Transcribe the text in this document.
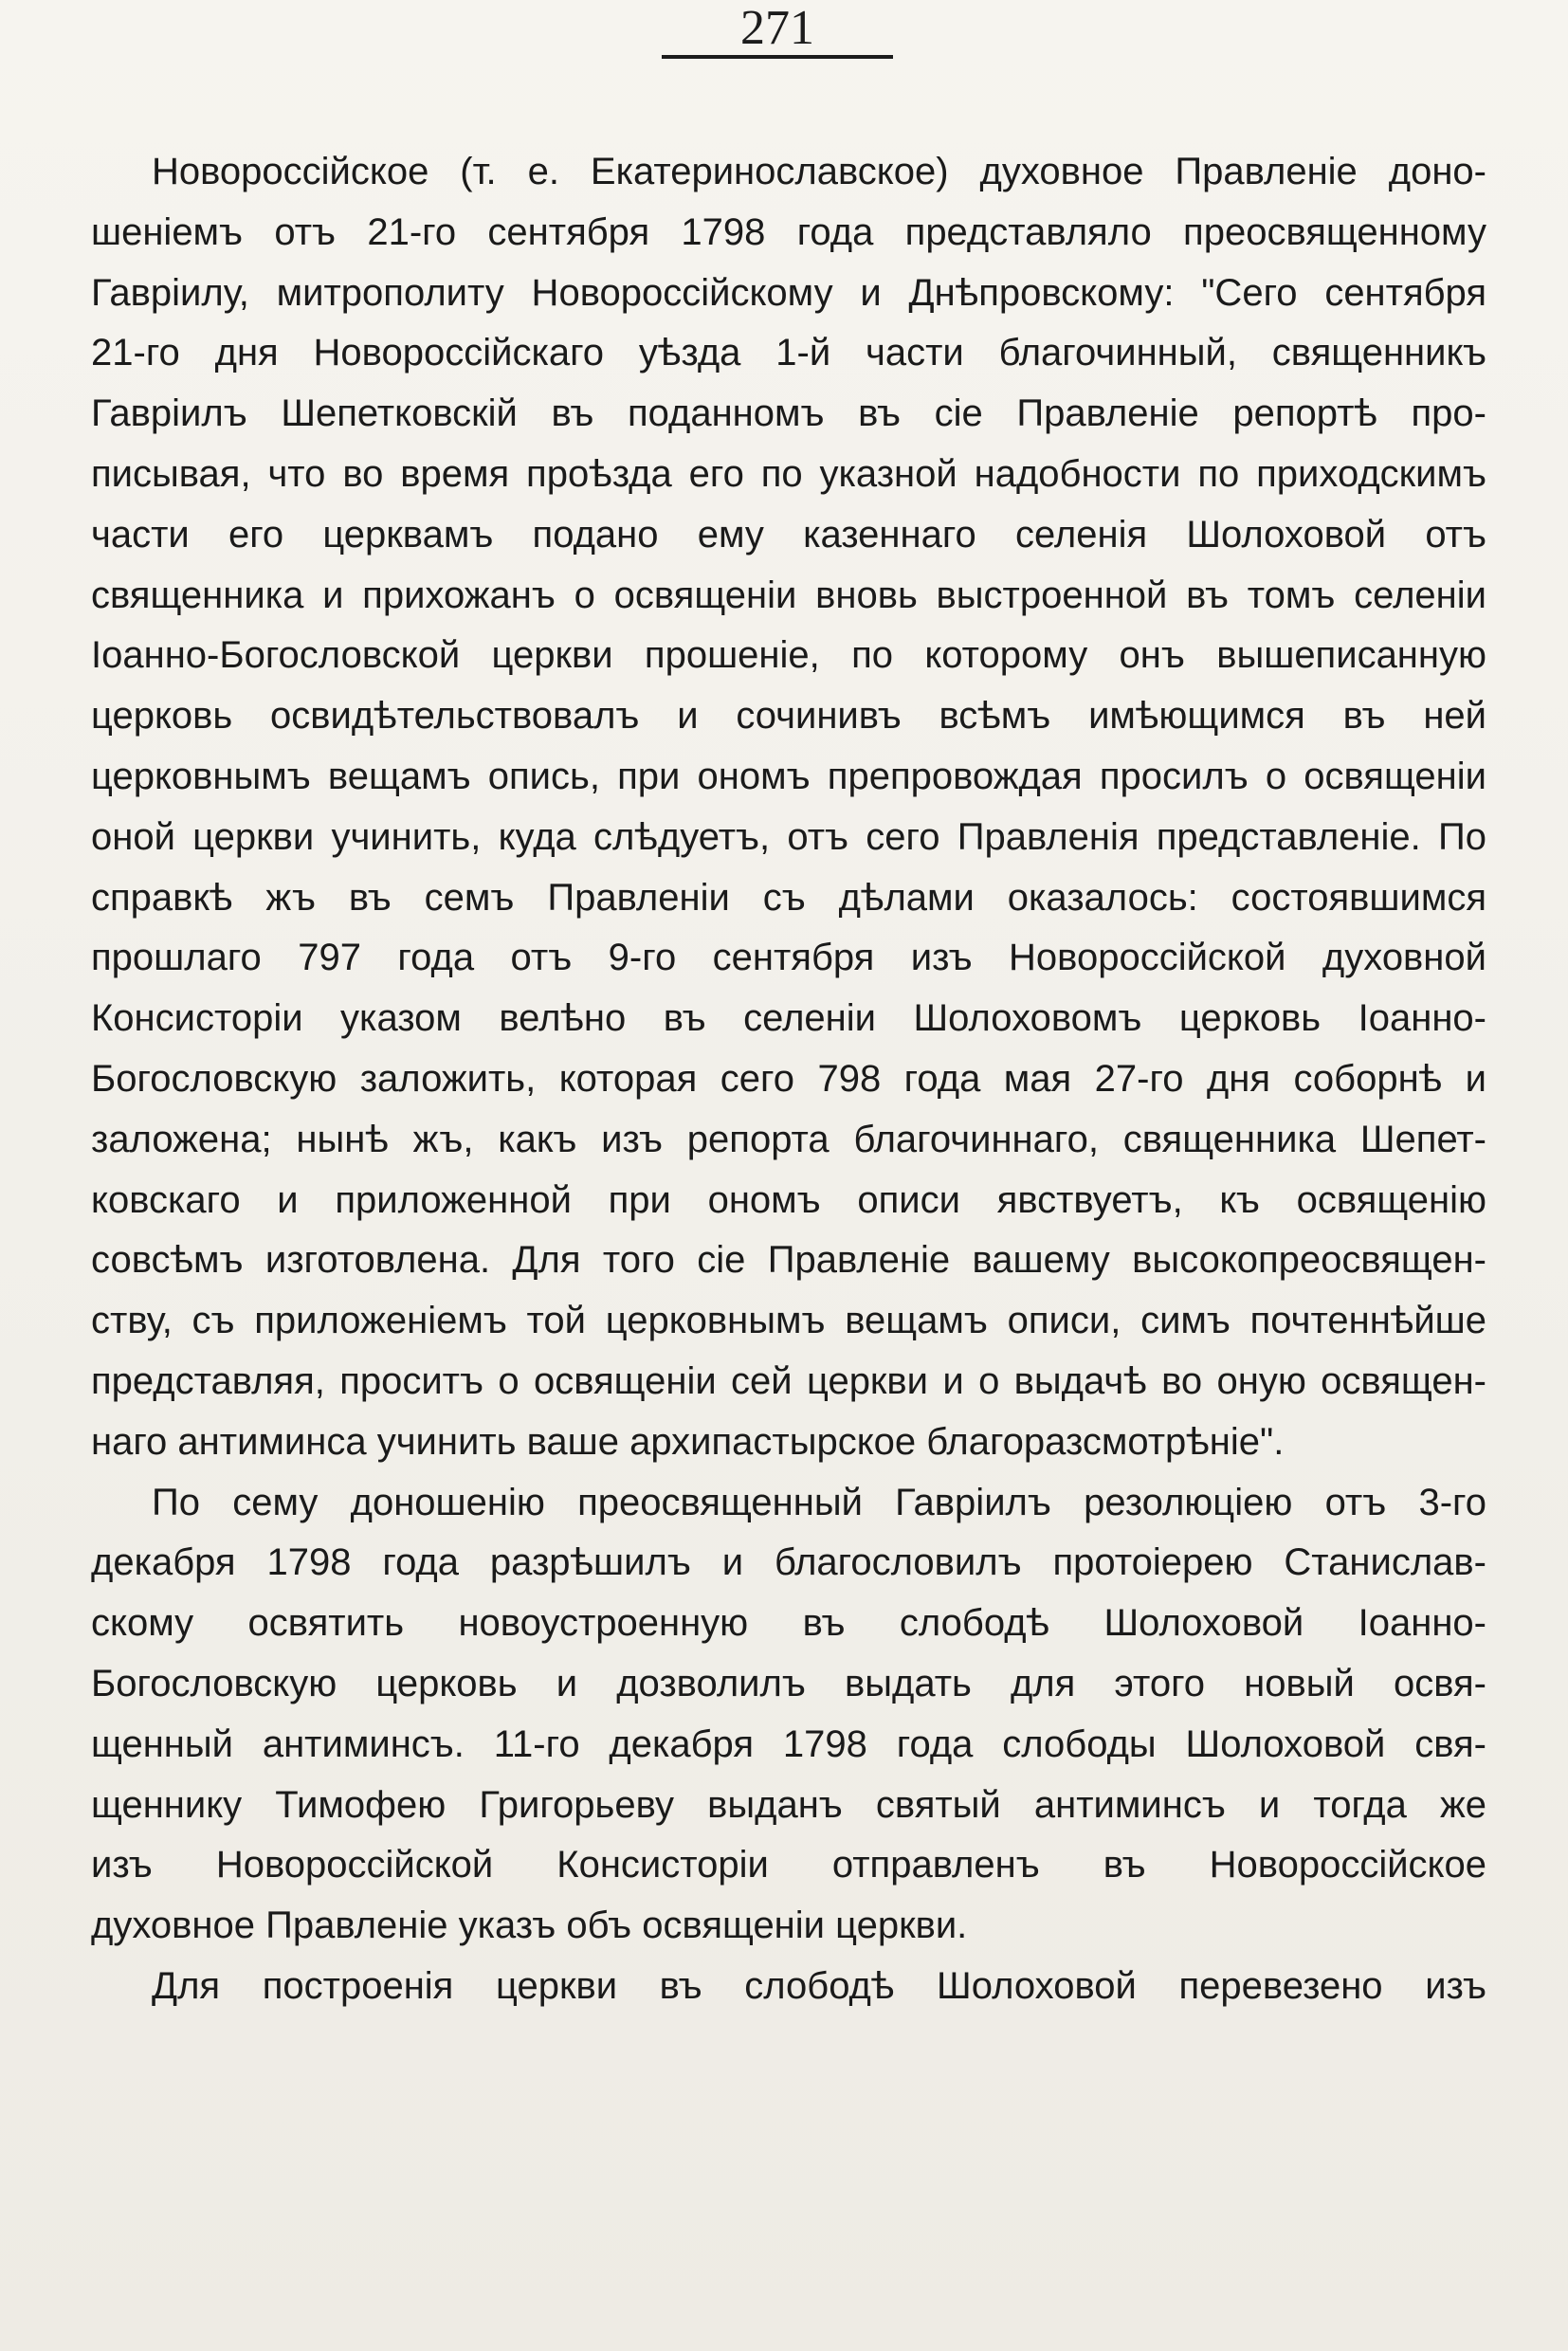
271
Новороссійское (т. е. Екатеринославское) духовное Правленіе доно-
шеніемъ отъ 21-го сентября 1798 года представляло преосвященному
Гавріилу, митрополиту Новороссійскому и Днѣпровскому: "Сего сентября
21-го дня Новороссійскаго уѣзда 1-й части благочинный, священникъ
Гавріилъ Шепетковскій въ поданномъ въ сіе Правленіе репортѣ про-
писывая, что во время проѣзда его по указной надобности по приходскимъ
части его церквамъ подано ему казеннаго селенія Шолоховой отъ
священника и прихожанъ о освященіи вновь выстроенной въ томъ селеніи
Іоанно-Богословской церкви прошеніе, по которому онъ вышеписанную
церковь освидѣтельствовалъ и сочинивъ всѣмъ имѣющимся въ ней
церковнымъ вещамъ опись, при ономъ препровождая просилъ о освященіи
оной церкви учинить, куда слѣдуетъ, отъ сего Правленія представленіе. По
справкѣ жъ въ семъ Правленіи съ дѣлами оказалось: состоявшимся
прошлаго 797 года отъ 9-го сентября изъ Новороссійской духовной
Консисторіи указом велѣно въ селеніи Шолоховомъ церковь Іоанно-
Богословскую заложить, которая сего 798 года мая 27-го дня соборнѣ и
заложена; нынѣ жъ, какъ изъ репорта благочиннаго, священника Шепет-
ковскаго и приложенной при ономъ описи явствуетъ, къ освященію
совсѣмъ изготовлена. Для того сіе Правленіе вашему высокопреосвящен-
ству, съ приложеніемъ той церковнымъ вещамъ описи, симъ почтеннѣйше
представляя, проситъ о освященіи сей церкви и о выдачѣ во оную освящен-
наго антиминса учинить ваше архипастырское благоразсмотрѣніе".
По сему доношенію преосвященный Гавріилъ резолюціею отъ 3-го
декабря 1798 года разрѣшилъ и благословилъ протоіерею Станислав-
скому освятить новоустроенную въ слободѣ Шолоховой Іоанно-
Богословскую церковь и дозволилъ выдать для этого новый освя-
щенный антиминсъ. 11-го декабря 1798 года слободы Шолоховой свя-
щеннику Тимофею Григорьеву выданъ святый антиминсъ и тогда же
изъ Новороссійской Консисторіи отправленъ въ Новороссійское
духовное Правленіе указъ объ освященіи церкви.
Для построенія церкви въ слободѣ Шолоховой перевезено изъ
